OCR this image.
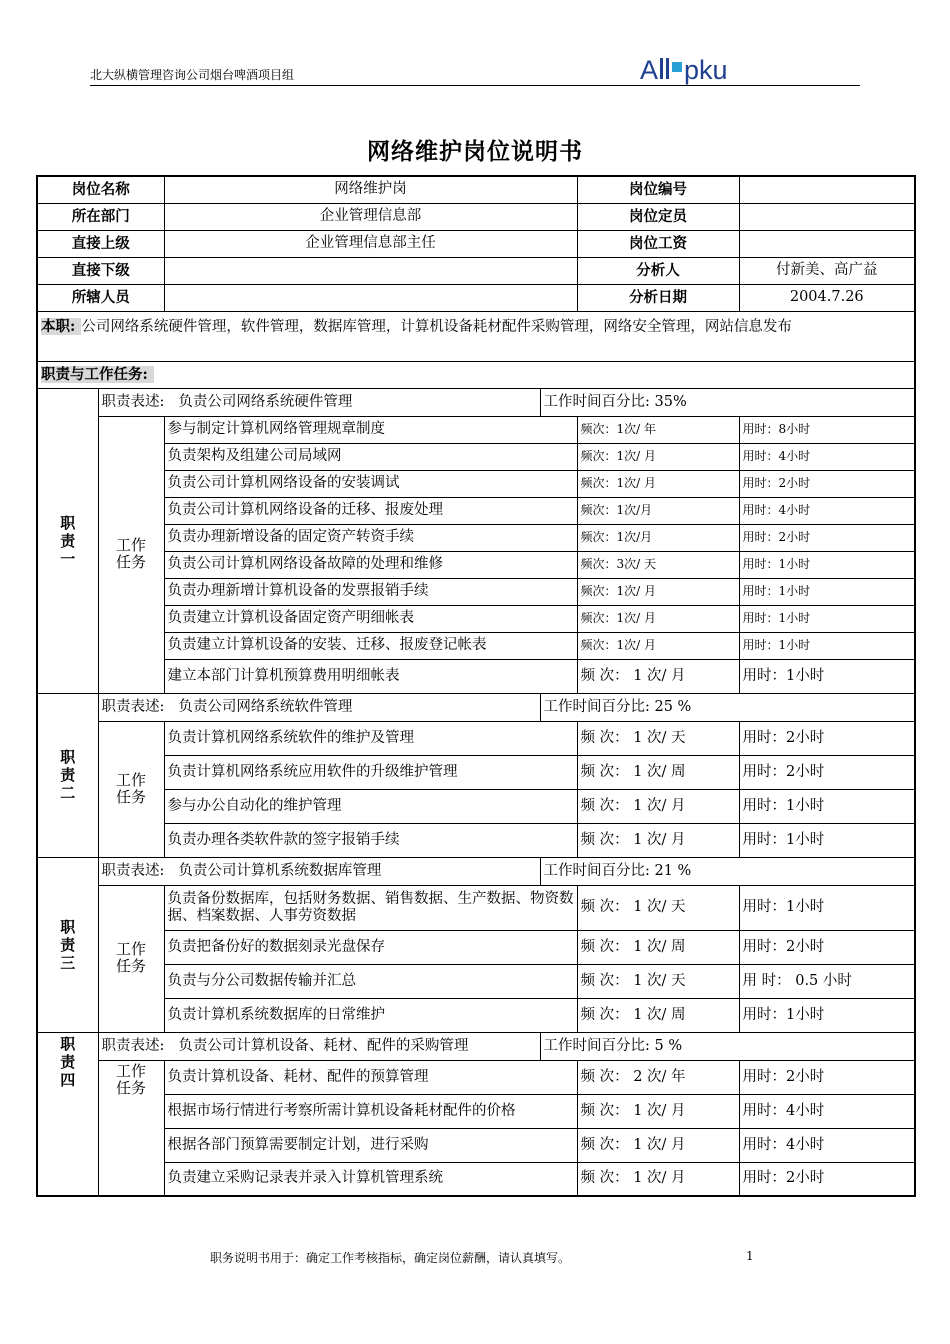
北大纵横管理咨询公司烟台啤酒项目组	A pku
网络维护岗位说明书
岗位名称		网络维护岗		岗位编号	
所在部门		企业管理信息部		岗位定员	
直接上级		企业管理信息部主任		岗位工资	
直接下级				分析人	付新美、高广益
所辖人员				分析日期	2004.7.26
本职: 公司网络系统硬件管理，软件管理，数据库管理，计算机设备耗材配件采购管理，网络安全管理，网站信息发布					
职责与工作任务:					
职责一	职责表述: 负责公司网络系统硬件管理		工作时间百分比: 35%		
	工作任务	参与制定计算机网络管理规章制度		频次：1次/ 年	用时：8小时
		负责架构及组建公司局域网		频次：1次/ 月	用时：4小时
		负责公司计算机网络设备的安装调试		频次：1次/ 月	用时：2小时
		负责公司计算机网络设备的迁移、报废处理		频次：1次/月	用时：4小时
		负责办理新增设备的固定资产转资手续		频次：1次/月	用时：2小时
		负责公司计算机网络设备故障的处理和维修		频次：3次/ 天	用时：1小时
		负责办理新增计算机设备的发票报销手续		频次：1次/ 月	用时：1小时
		负责建立计算机设备固定资产明细帐表		频次：1次/ 月	用时：1小时
		负责建立计算机设备的安装、迁移、报废登记帐表		频次：1次/ 月	用时：1小时
		建立本部门计算机预算费用明细帐表		频 次： 1 次/ 月	用时：1小时
职责二	职责表述: 负责公司网络系统软件管理		工作时间百分比: 25 %		
	工作任务	负责计算机网络系统软件的维护及管理		频 次： 1 次/ 天	用时：2小时
		负责计算机网络系统应用软件的升级维护管理		频 次： 1 次/ 周	用时：2小时
		参与办公自动化的维护管理		频 次： 1 次/ 月	用时：1小时
		负责办理各类软件款的签字报销手续		频 次： 1 次/ 月	用时：1小时
职责三	职责表述: 负责公司计算机系统数据库管理		工作时间百分比: 21 %		
	工作任务	负责备份数据库，包括财务数据、销售数据、生产数据、物资数据、档案数据、人事劳资数据		频 次： 1 次/ 天	用时：1小时
		负责把备份好的数据刻录光盘保存		频 次： 1 次/ 周	用时：2小时
		负责与分公司数据传输并汇总		频 次： 1 次/ 天	用 时： 0.5 小时
		负责计算机系统数据库的日常维护		频 次： 1 次/ 周	用时：1小时
职责四	职责表述: 负责公司计算机设备、耗材、配件的采购管理		工作时间百分比: 5 %		
	工作任务	负责计算机设备、耗材、配件的预算管理		频 次： 2 次/ 年	用时：2小时
		根据市场行情进行考察所需计算机设备耗材配件的价格		频 次： 1 次/ 月	用时：4小时
		根据各部门预算需要制定计划，进行采购		频 次： 1 次/ 月	用时：4小时
		负责建立采购记录表并录入计算机管理系统		频 次： 1 次/ 月	用时：2小时
职务说明书用于：确定工作考核指标，确定岗位薪酬，请认真填写。	1
